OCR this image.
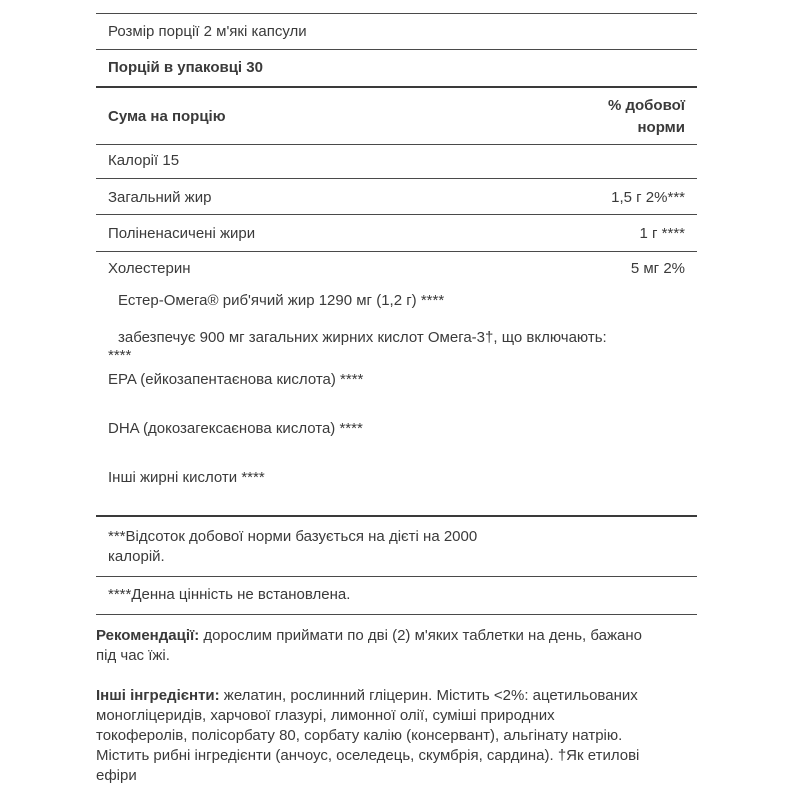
Розмір порції 2 м'які капсули
Порцій в упаковці 30
Сума на порцію
% добової
норми
Калорії 15
Загальний жир	1,5 г 2%***
Поліненасичені жири	1 г ****
Холестерин	5 мг 2%
Естер-Омега® риб'ячий жир 1290 мг (1,2 г) ****
забезпечує 900 мг загальних жирних кислот Омега-3†, що включають:
****
EPA (ейкозапентаєнова кислота) ****
DHA (докозагексаєнова кислота) ****
Інші жирні кислоти ****
***Відсоток добової норми базується на дієті на 2000
калорій.
****Денна цінність не встановлена.
Рекомендації: дорослим приймати по дві (2) м'яких таблетки на день, бажано
під час їжі.
Інші інгредієнти: желатин, рослинний гліцерин. Містить <2%: ацетильованих
моногліцеридів, харчової глазурі, лимонної олії, суміші природних
токоферолів, полісорбату 80, сорбату калію (консервант), альгінату натрію.
Містить рибні інгредієнти (анчоус, оселедець, скумбрія, сардина). †Як етилові
ефіри
